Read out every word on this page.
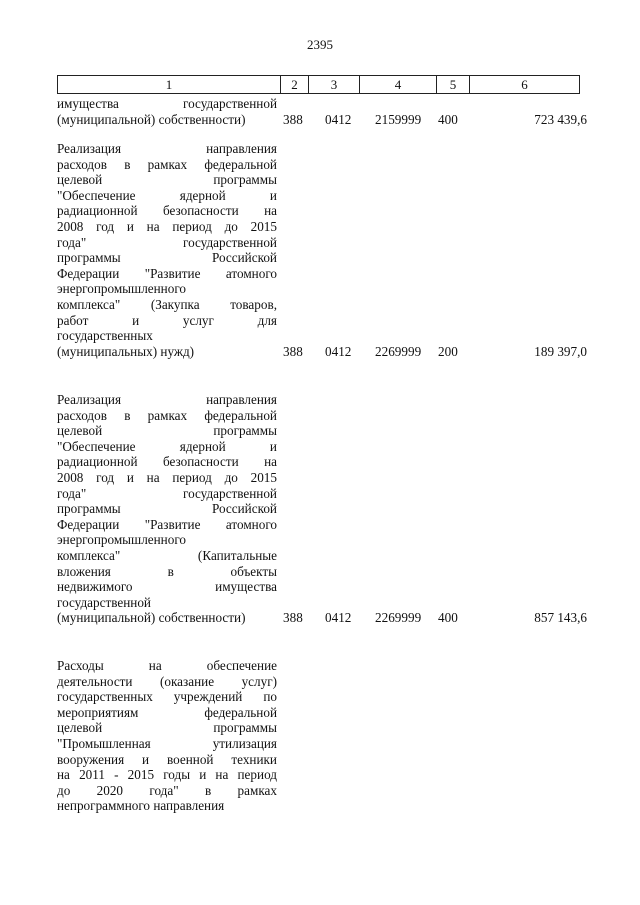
2395
1	2	3	4	5	6
имущества государственной
(муниципальной) собственности)	388 0412 2159999 400	723 439,6
Реализация направления
расходов в рамках федеральной
целевой программы
"Обеспечение ядерной и
радиационной безопасности на
2008 год и на период до 2015
года" государственной
программы Российской
Федерации "Развитие атомного
энергопромышленного
комплекса" (Закупка товаров,
работ и услуг для
государственных
(муниципальных) нужд)	388 0412 2269999 200	189 397,0
Реализация направления
расходов в рамках федеральной
целевой программы
"Обеспечение ядерной и
радиационной безопасности на
2008 год и на период до 2015
года" государственной
программы Российской
Федерации "Развитие атомного
энергопромышленного
комплекса" (Капитальные
вложения в объекты
недвижимого имущества
государственной
(муниципальной) собственности)	388 0412 2269999 400	857 143,6
Расходы на обеспечение
деятельности (оказание услуг)
государственных учреждений по
мероприятиям федеральной
целевой программы
"Промышленная утилизация
вооружения и военной техники
на 2011 - 2015 годы и на период
до 2020 года" в рамках
непрограммного направления
